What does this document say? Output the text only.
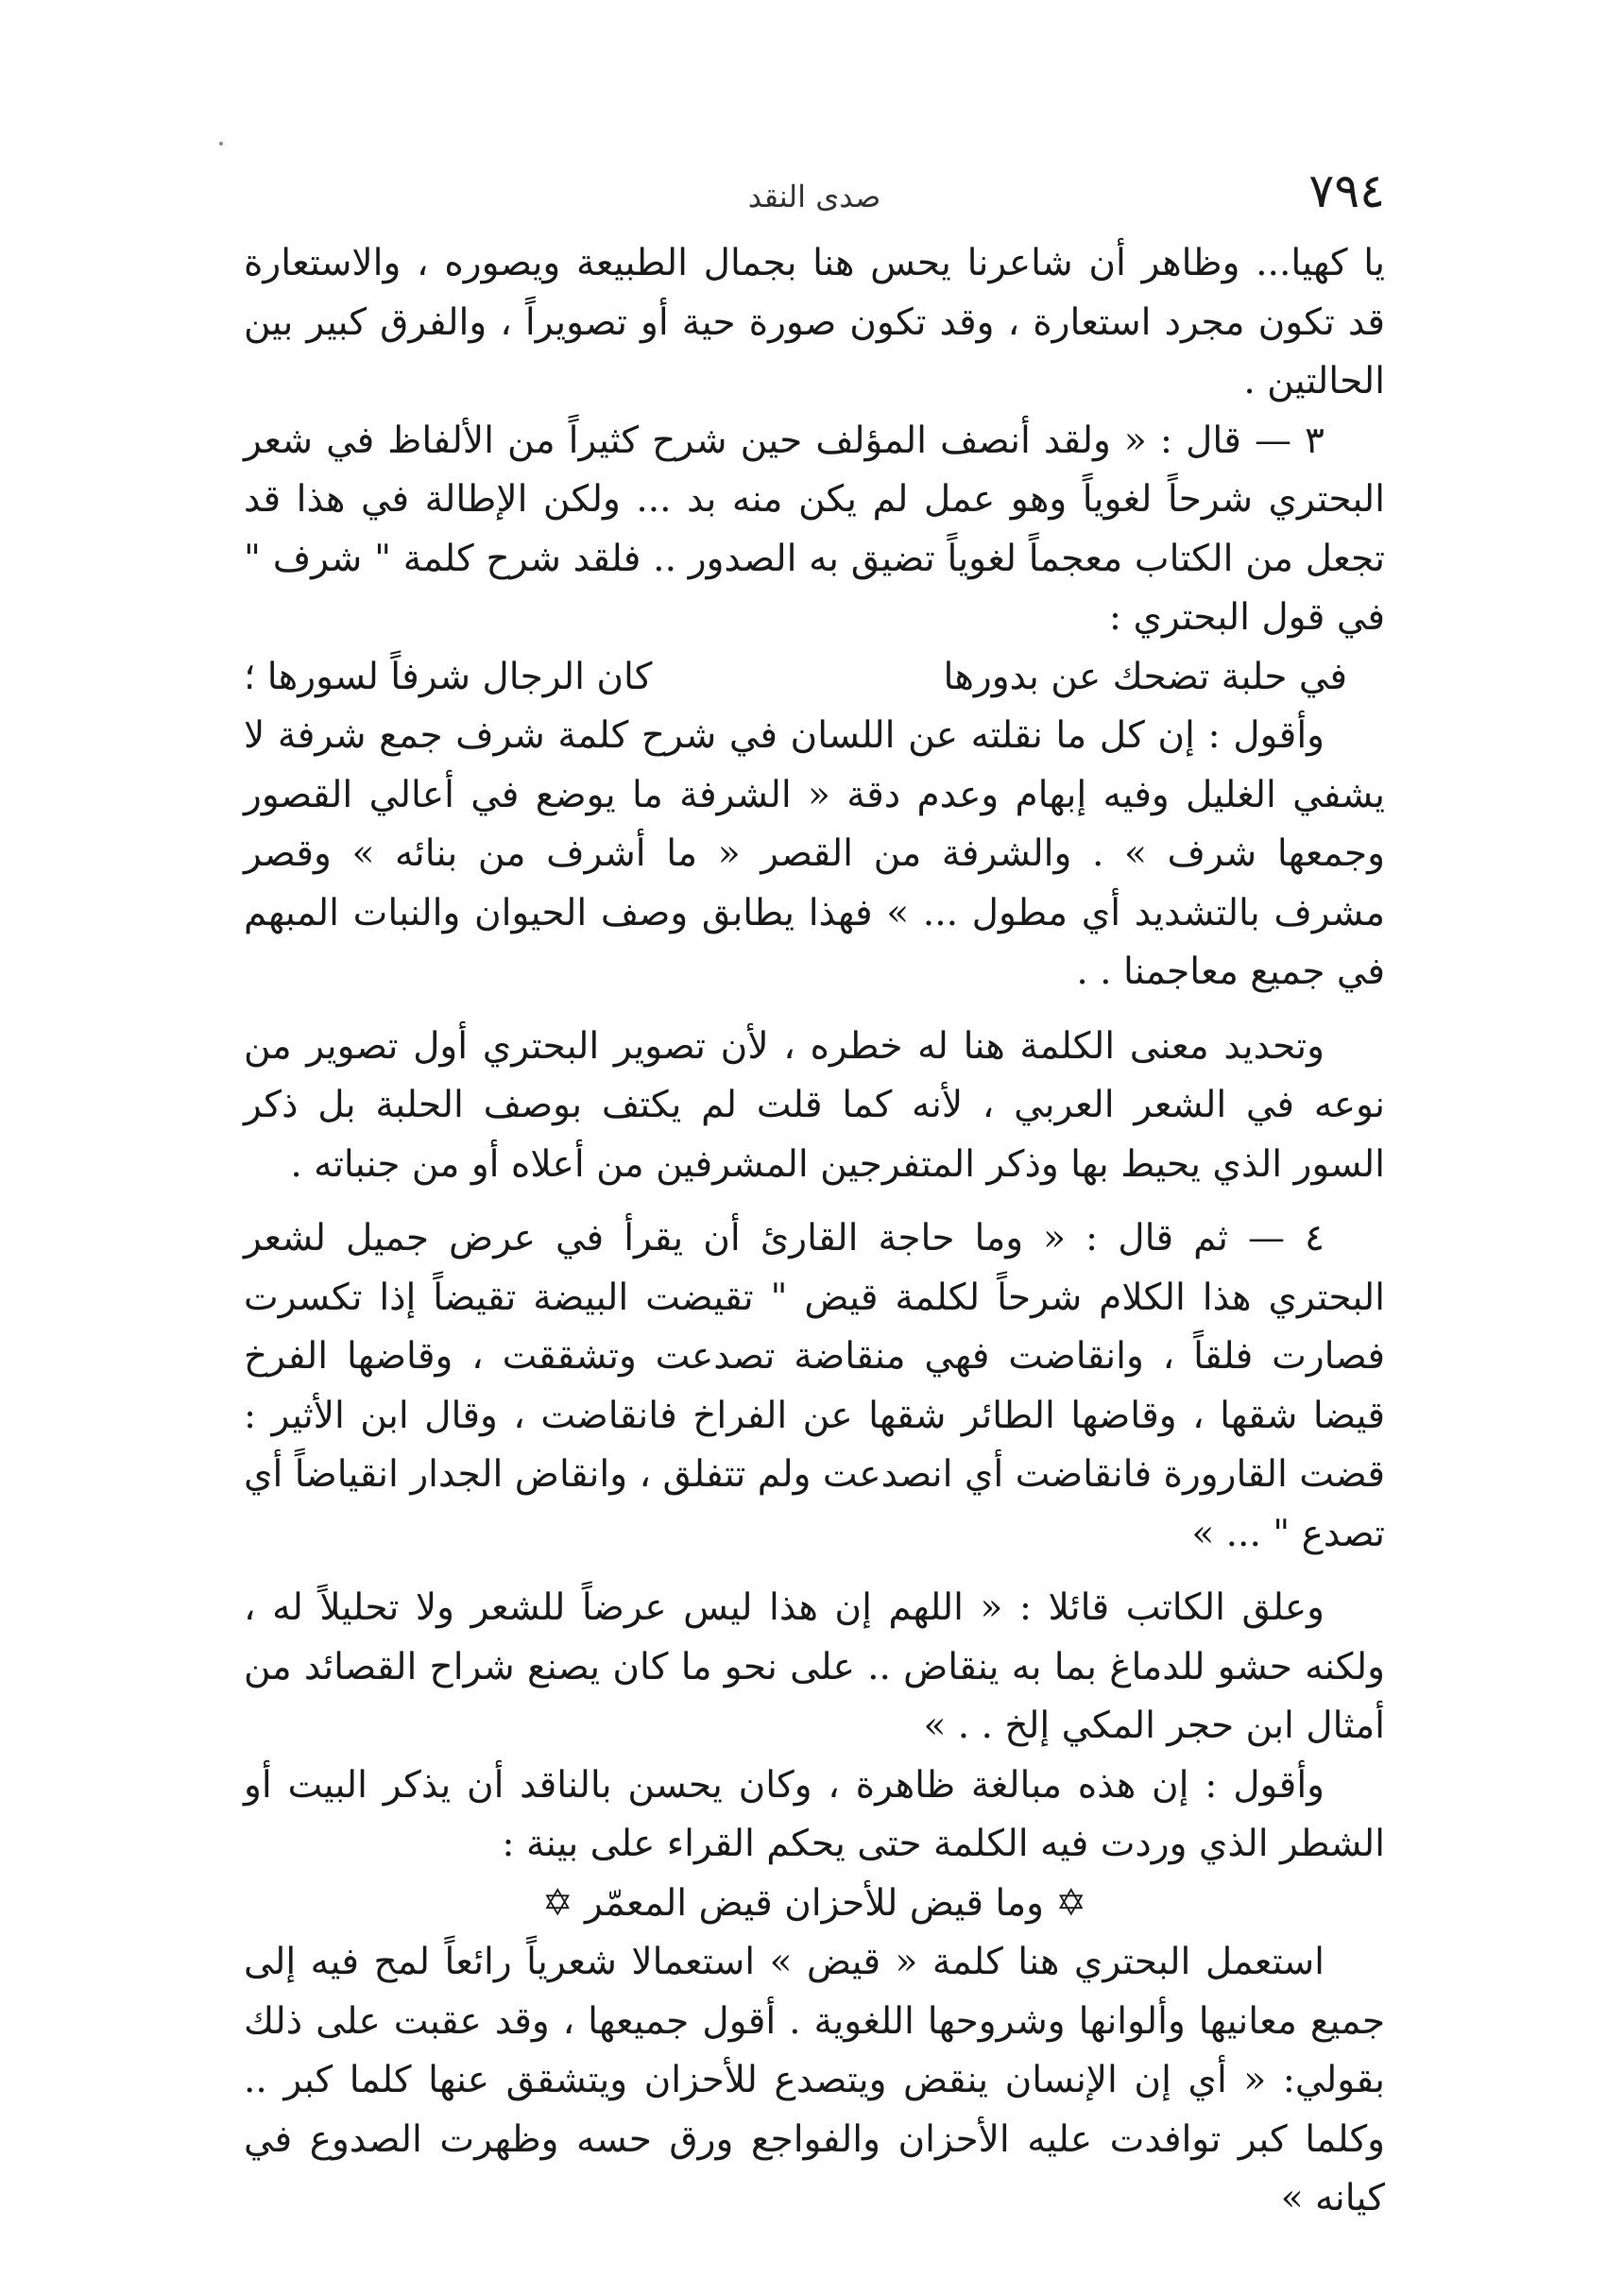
٧٩٤
صدى النقد

يا كهيا... وظاهر أن شاعرنا يحس هنا بجمال الطبيعة ويصوره ، والاستعارة قد تكون مجرد استعارة ، وقد تكون صورة حية أو تصويراً ، والفرق كبير بين الحالتين .

٣ — قال : « ولقد أنصف المؤلف حين شرح كثيراً من الألفاظ في شعر البحتري شرحاً لغوياً وهو عمل لم يكن منه بد ... ولكن الإطالة في هذا قد تجعل من الكتاب معجماً لغوياً تضيق به الصدور .. فلقد شرح كلمة " شرف " في قول البحتري :

في حلبة تضحك عن بدورها
كان الرجال شرفاً لسورها ؛

وأقول : إن كل ما نقلته عن اللسان في شرح كلمة شرف جمع شرفة لا يشفي الغليل وفيه إبهام وعدم دقة « الشرفة ما يوضع في أعالي القصور وجمعها شرف » . والشرفة من القصر « ما أشرف من بنائه » وقصر مشرف بالتشديد أي مطول ... » فهذا يطابق وصف الحيوان والنبات المبهم في جميع معاجمنا . .

وتحديد معنى الكلمة هنا له خطره ، لأن تصوير البحتري أول تصوير من نوعه في الشعر العربي ، لأنه كما قلت لم يكتف بوصف الحلبة بل ذكر السور الذي يحيط بها وذكر المتفرجين المشرفين من أعلاه أو من جنباته .

٤ — ثم قال : « وما حاجة القارئ أن يقرأ في عرض جميل لشعر البحتري هذا الكلام شرحاً لكلمة قيض " تقيضت البيضة تقيضاً إذا تكسرت فصارت فلقاً ، وانقاضت فهي منقاضة تصدعت وتشققت ، وقاضها الفرخ قيضا شقها ، وقاضها الطائر شقها عن الفراخ فانقاضت ، وقال ابن الأثير : قضت القارورة فانقاضت أي انصدعت ولم تتفلق ، وانقاض الجدار انقياضاً أي تصدع " ... »

وعلق الكاتب قائلا : « اللهم إن هذا ليس عرضاً للشعر ولا تحليلاً له ، ولكنه حشو للدماغ بما به ينقاض .. على نحو ما كان يصنع شراح القصائد من أمثال ابن حجر المكي إلخ . . »

وأقول : إن هذه مبالغة ظاهرة ، وكان يحسن بالناقد أن يذكر البيت أو الشطر الذي وردت فيه الكلمة حتى يحكم القراء على بينة :

✡ وما قيض للأحزان قيض المعمّر ✡

استعمل البحتري هنا كلمة « قيض » استعمالا شعرياً رائعاً لمح فيه إلى جميع معانيها وألوانها وشروحها اللغوية . أقول جميعها ، وقد عقبت على ذلك بقولي: « أي إن الإنسان ينقض ويتصدع للأحزان ويتشقق عنها كلما كبر .. وكلما كبر توافدت عليه الأحزان والفواجع ورق حسه وظهرت الصدوع في كيانه »
